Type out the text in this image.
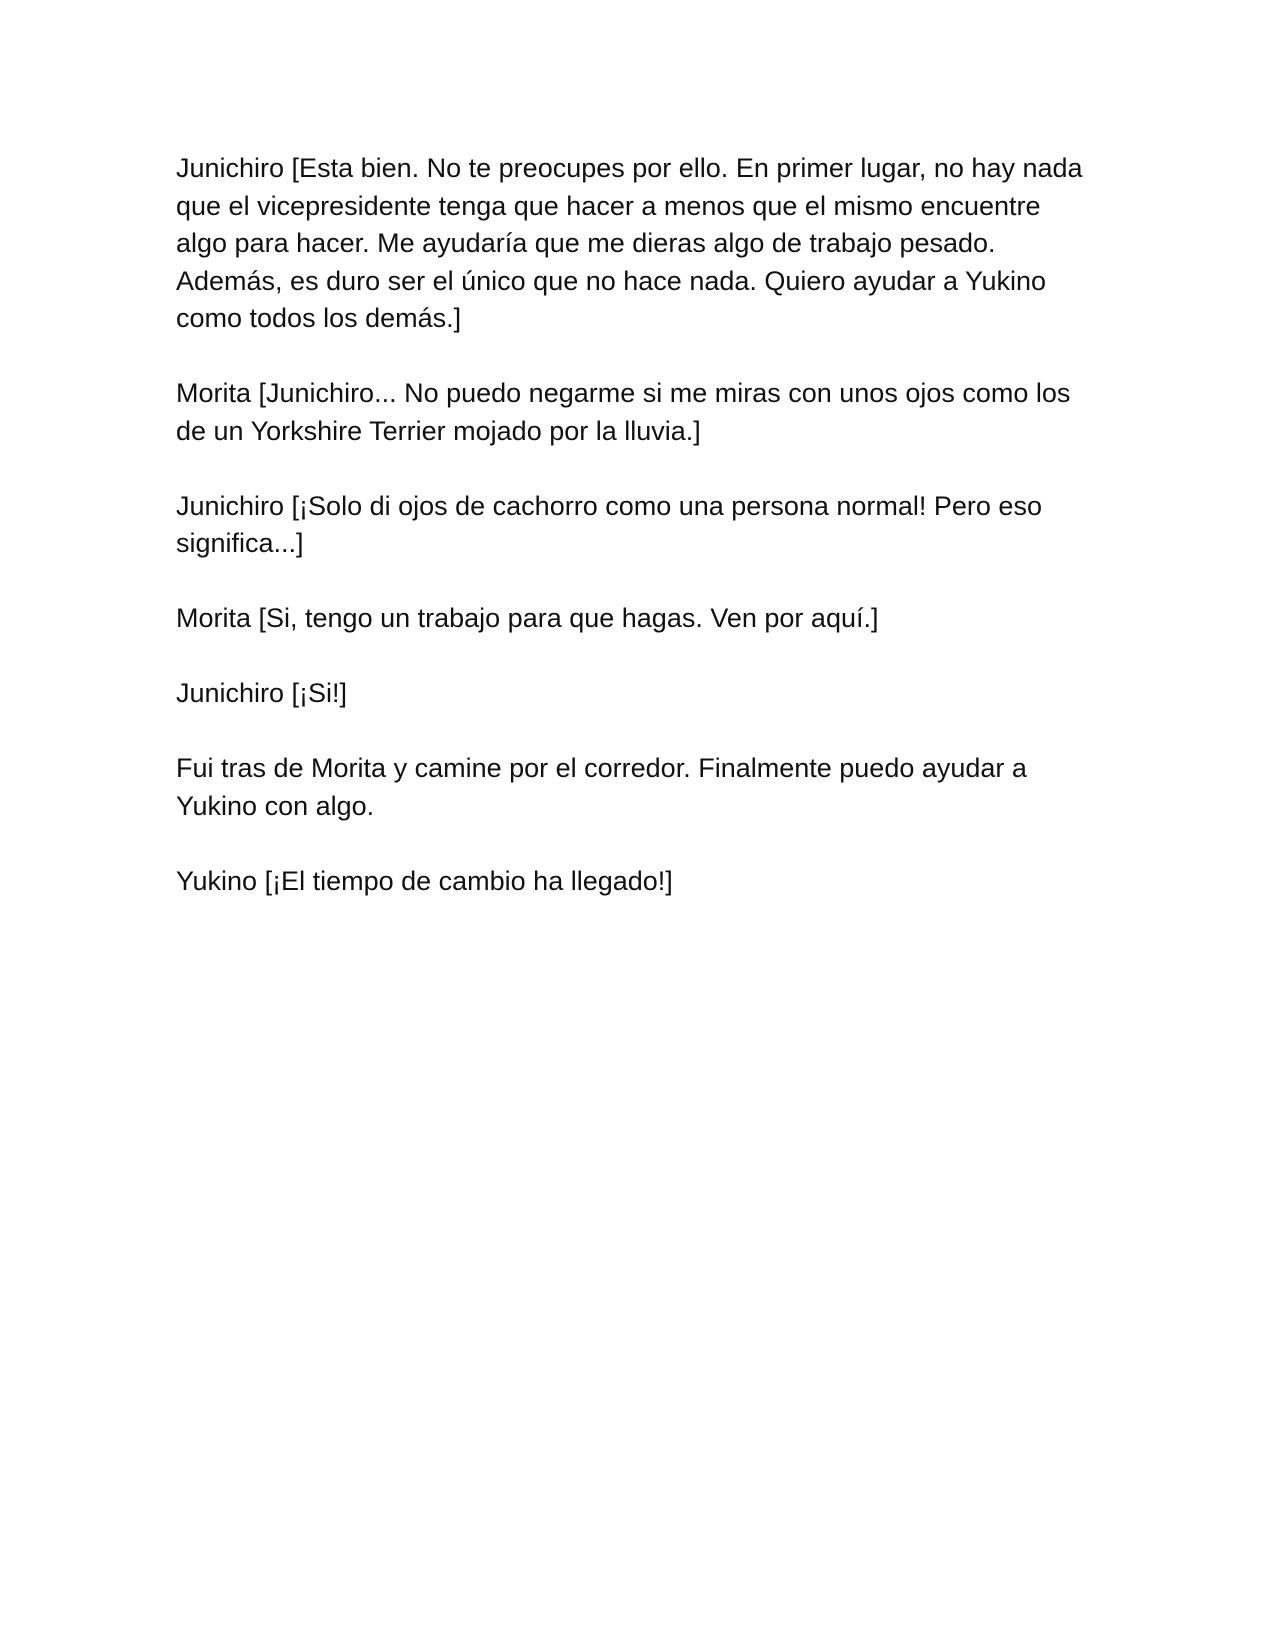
Junichiro [Esta bien. No te preocupes por ello. En primer lugar, no hay nada que el vicepresidente tenga que hacer a menos que el mismo encuentre algo para hacer. Me ayudaría que me dieras algo de trabajo pesado. Además, es duro ser el único que no hace nada. Quiero ayudar a Yukino como todos los demás.]

Morita [Junichiro... No puedo negarme si me miras con unos ojos como los de un Yorkshire Terrier mojado por la lluvia.]

Junichiro [¡Solo di ojos de cachorro como una persona normal! Pero eso significa...]

Morita [Si, tengo un trabajo para que hagas. Ven por aquí.]

Junichiro [¡Si!]

Fui tras de Morita y camine por el corredor. Finalmente puedo ayudar a Yukino con algo.

Yukino [¡El tiempo de cambio ha llegado!]
